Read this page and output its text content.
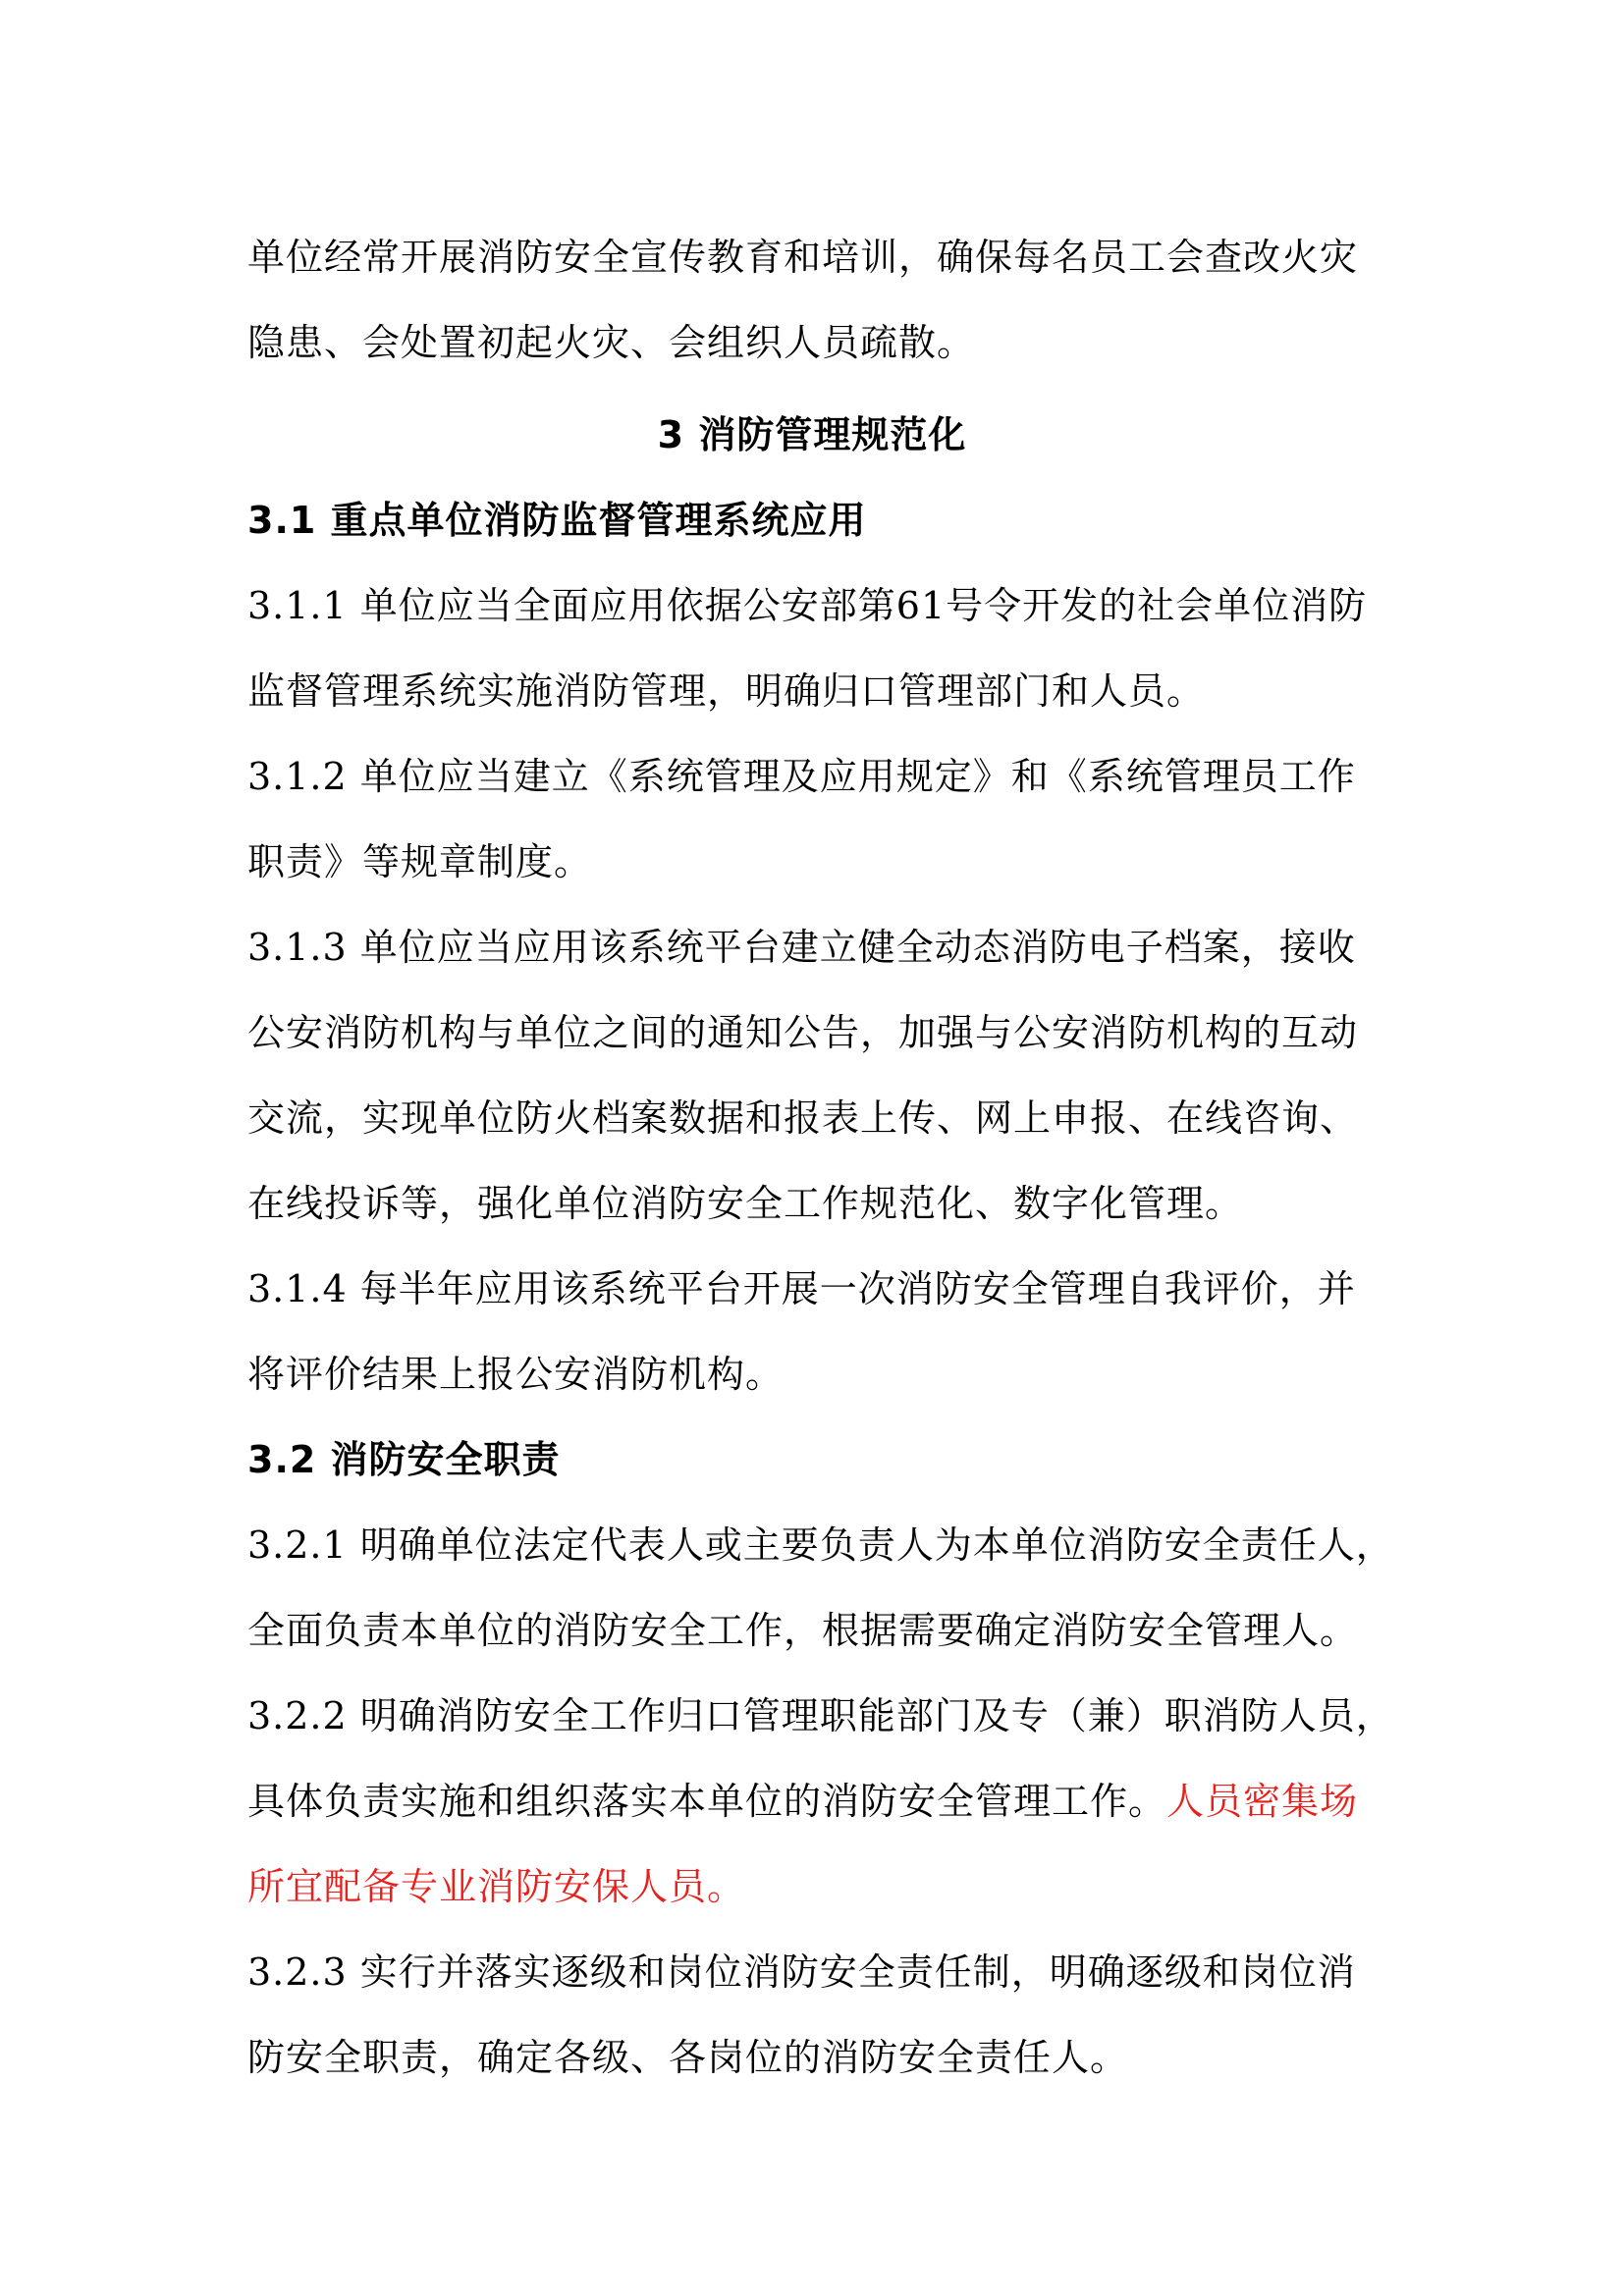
单位经常开展消防安全宣传教育和培训，确保每名员工会查改火灾
隐患、会处置初起火灾、会组织人员疏散。
3 消防管理规范化
3.1 重点单位消防监督管理系统应用
3.1.1 单位应当全面应用依据公安部第61号令开发的社会单位消防
监督管理系统实施消防管理，明确归口管理部门和人员。
3.1.2 单位应当建立《系统管理及应用规定》和《系统管理员工作
职责》等规章制度。
3.1.3 单位应当应用该系统平台建立健全动态消防电子档案，接收
公安消防机构与单位之间的通知公告，加强与公安消防机构的互动
交流，实现单位防火档案数据和报表上传、网上申报、在线咨询、
在线投诉等，强化单位消防安全工作规范化、数字化管理。
3.1.4 每半年应用该系统平台开展一次消防安全管理自我评价，并
将评价结果上报公安消防机构。
3.2 消防安全职责
3.2.1 明确单位法定代表人或主要负责人为本单位消防安全责任人，
全面负责本单位的消防安全工作，根据需要确定消防安全管理人。
3.2.2 明确消防安全工作归口管理职能部门及专（兼）职消防人员，
具体负责实施和组织落实本单位的消防安全管理工作。人员密集场
所宜配备专业消防安保人员。
3.2.3 实行并落实逐级和岗位消防安全责任制，明确逐级和岗位消
防安全职责，确定各级、各岗位的消防安全责任人。
